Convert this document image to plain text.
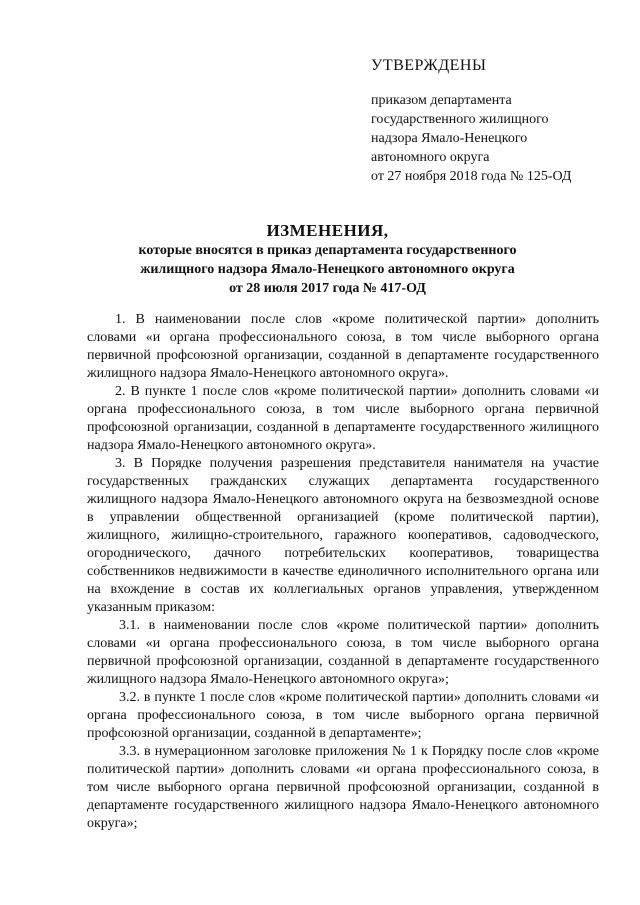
УТВЕРЖДЕНЫ
приказом департамента
государственного жилищного
надзора Ямало-Ненецкого
автономного округа
от 27 ноября 2018 года № 125-ОД
ИЗМЕНЕНИЯ,
которые вносятся в приказ департамента государственного
жилищного надзора Ямало-Ненецкого автономного округа
от 28 июля 2017 года № 417-ОД

1. В наименовании после слов «кроме политической партии» дополнить словами «и органа профессионального союза, в том числе выборного органа первичной профсоюзной организации, созданной в департаменте государственного жилищного надзора Ямало-Ненецкого автономного округа».

2. В пункте 1 после слов «кроме политической партии» дополнить словами «и органа профессионального союза, в том числе выборного органа первичной профсоюзной организации, созданной в департаменте государственного жилищного надзора Ямало-Ненецкого автономного округа».

3. В Порядке получения разрешения представителя нанимателя на участие государственных гражданских служащих департамента государственного жилищного надзора Ямало-Ненецкого автономного округа на безвозмездной основе в управлении общественной организацией (кроме политической партии), жилищного, жилищно-строительного, гаражного кооперативов, садоводческого, огороднического, дачного потребительских кооперативов, товарищества собственников недвижимости в качестве единоличного исполнительного органа или на вхождение в состав их коллегиальных органов управления, утвержденном указанным приказом:

3.1. в наименовании после слов «кроме политической партии» дополнить словами «и органа профессионального союза, в том числе выборного органа первичной профсоюзной организации, созданной в департаменте государственного жилищного надзора Ямало-Ненецкого автономного округа»;

3.2. в пункте 1 после слов «кроме политической партии» дополнить словами «и органа профессионального союза, в том числе выборного органа первичной профсоюзной организации, созданной в департаменте»;

3.3. в нумерационном заголовке приложения № 1 к Порядку после слов «кроме политической партии» дополнить словами «и органа профессионального союза, в том числе выборного органа первичной профсоюзной организации, созданной в департаменте государственного жилищного надзора Ямало-Ненецкого автономного округа»;
